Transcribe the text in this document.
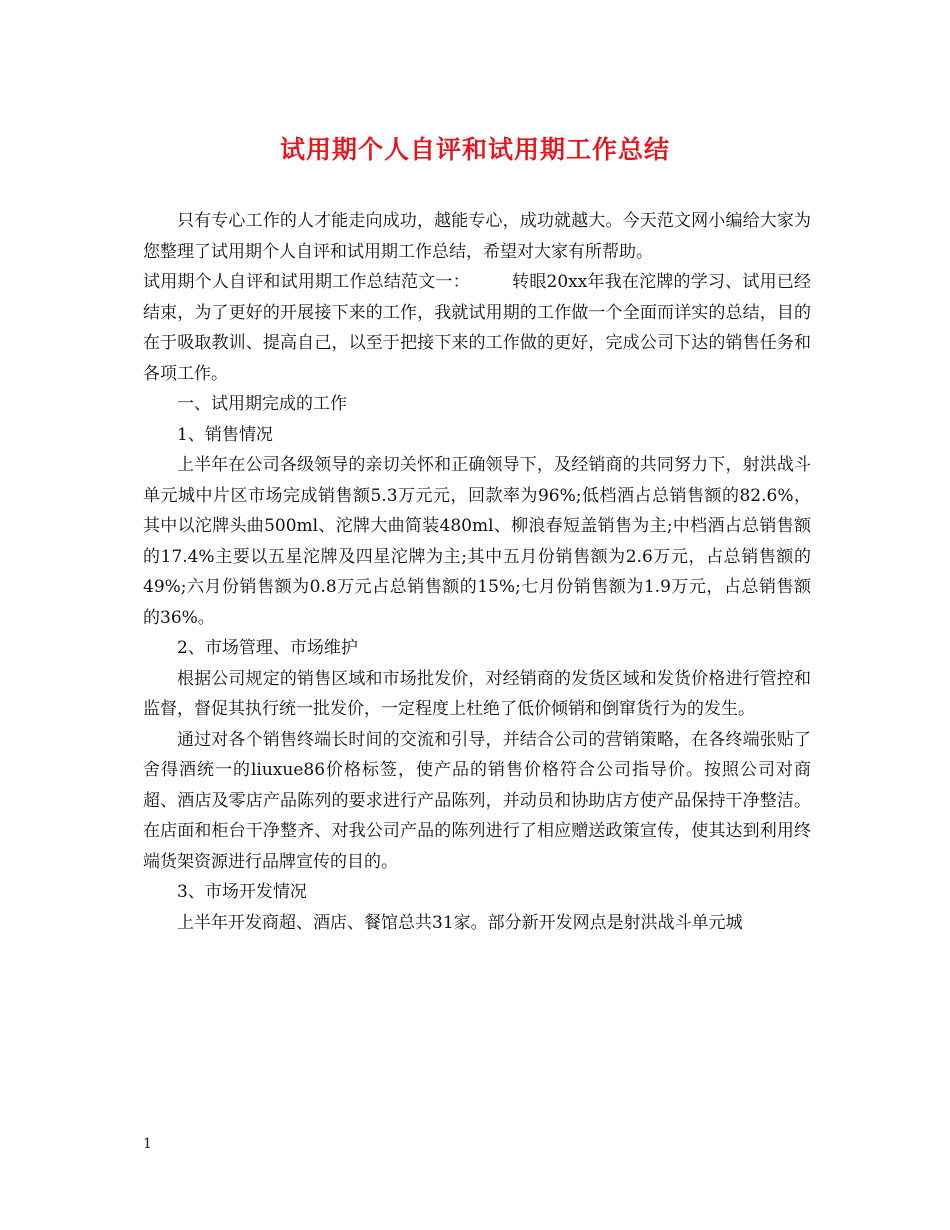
试用期个人自评和试用期工作总结

只有专心工作的人才能走向成功，越能专心，成功就越大。今天范文网小编给大家为您整理了试用期个人自评和试用期工作总结，希望对大家有所帮助。

试用期个人自评和试用期工作总结范文一： 转眼20xx年我在沱牌的学习、试用已经结束，为了更好的开展接下来的工作，我就试用期的工作做一个全面而详实的总结，目的在于吸取教训、提高自己，以至于把接下来的工作做的更好，完成公司下达的销售任务和各项工作。

一、试用期完成的工作

1、销售情况

上半年在公司各级领导的亲切关怀和正确领导下，及经销商的共同努力下，射洪战斗单元城中片区市场完成销售额5.3万元元，回款率为96%;低档酒占总销售额的82.6%，其中以沱牌头曲500ml、沱牌大曲简装480ml、柳浪春短盖销售为主;中档酒占总销售额的17.4%主要以五星沱牌及四星沱牌为主;其中五月份销售额为2.6万元，占总销售额的49%;六月份销售额为0.8万元占总销售额的15%;七月份销售额为1.9万元，占总销售额的36%。

2、市场管理、市场维护

根据公司规定的销售区域和市场批发价，对经销商的发货区域和发货价格进行管控和监督，督促其执行统一批发价，一定程度上杜绝了低价倾销和倒窜货行为的发生。

通过对各个销售终端长时间的交流和引导，并结合公司的营销策略，在各终端张贴了舍得酒统一的liuxue86价格标签，使产品的销售价格符合公司指导价。按照公司对商超、酒店及零店产品陈列的要求进行产品陈列，并动员和协助店方使产品保持干净整洁。在店面和柜台干净整齐、对我公司产品的陈列进行了相应赠送政策宣传，使其达到利用终端货架资源进行品牌宣传的目的。

3、市场开发情况

上半年开发商超、酒店、餐馆总共31家。部分新开发网点是射洪战斗单元城

1
